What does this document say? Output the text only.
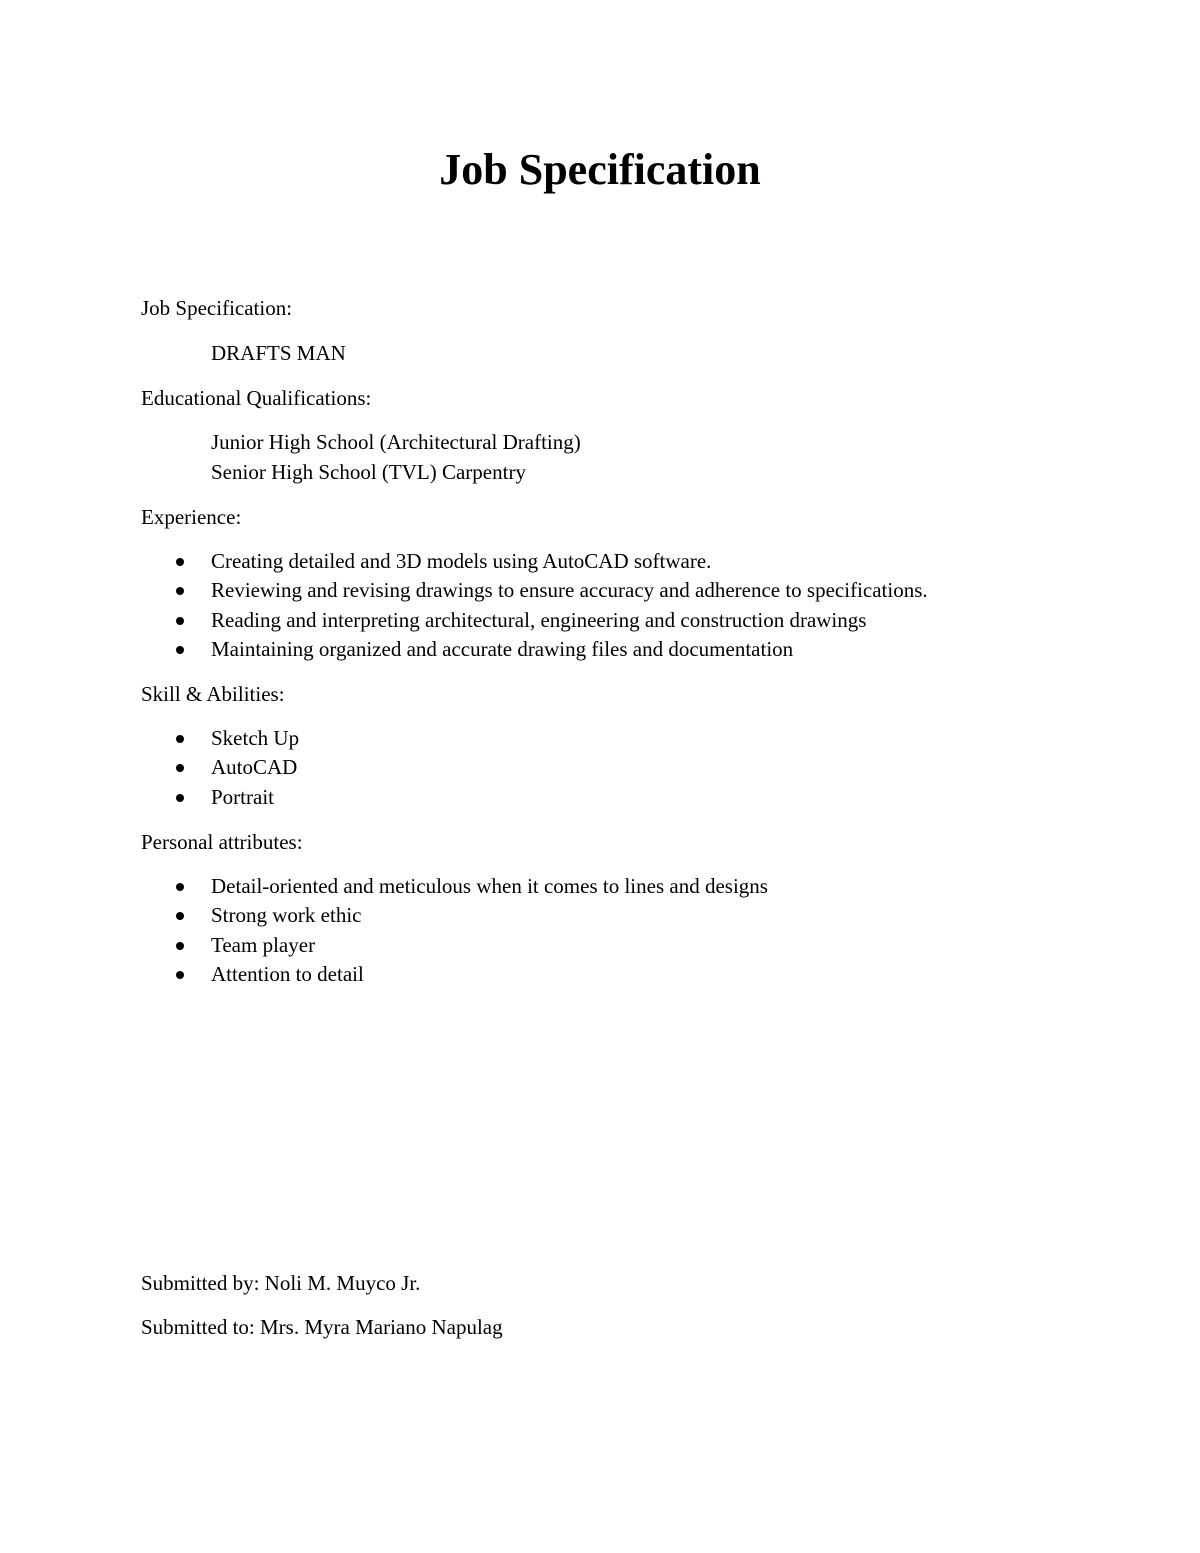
Job Specification
Job Specification:
DRAFTS MAN
Educational Qualifications:
Junior High School (Architectural Drafting)
Senior High School (TVL) Carpentry
Experience:
Creating detailed and 3D models using AutoCAD software.
Reviewing and revising drawings to ensure accuracy and adherence to specifications.
Reading and interpreting architectural, engineering and construction drawings
Maintaining organized and accurate drawing files and documentation
Skill & Abilities:
Sketch Up
AutoCAD
Portrait
Personal attributes:
Detail-oriented and meticulous when it comes to lines and designs
Strong work ethic
Team player
Attention to detail
Submitted by: Noli M. Muyco Jr.
Submitted to: Mrs. Myra Mariano Napulag
